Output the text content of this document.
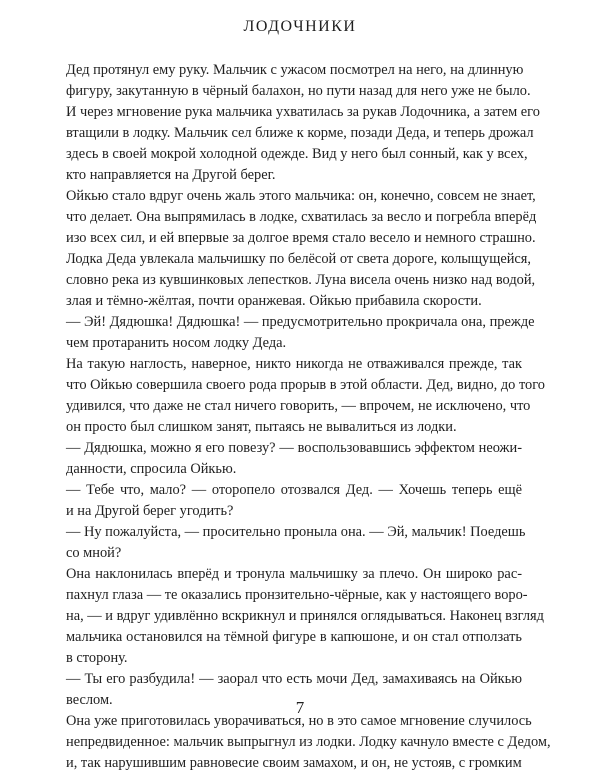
ЛОДОЧНИКИ

Дед протянул ему руку. Мальчик с ужасом посмотрел на него, на длинную
фигуру, закутанную в чёрный балахон, но пути назад для него уже не было.
И через мгновение рука мальчика ухватилась за рукав Лодочника, а затем его
втащили в лодку. Мальчик сел ближе к корме, позади Деда, и теперь дрожал
здесь в своей мокрой холодной одежде. Вид у него был сонный, как у всех,
кто направляется на Другой берег.

Ойкью стало вдруг очень жаль этого мальчика: он, конечно, совсем не знает,
что делает. Она выпрямилась в лодке, схватилась за весло и погребла вперёд
изо всех сил, и ей впервые за долгое время стало весело и немного страшно.
Лодка Деда увлекала мальчишку по белёсой от света дороге, колыщущейся,
словно река из кувшинковых лепестков. Луна висела очень низко над водой,
злая и тёмно-жёлтая, почти оранжевая. Ойкью прибавила скорости.

— Эй! Дядюшка! Дядюшка! — предусмотрительно прокричала она, прежде
чем протаранить носом лодку Деда.

На такую наглость, наверное, никто никогда не отваживался прежде, так
что Ойкью совершила своего рода прорыв в этой области. Дед, видно, до того
удивился, что даже не стал ничего говорить, — впрочем, не исключено, что
он просто был слишком занят, пытаясь не вывалиться из лодки.

— Дядюшка, можно я его повезу? — воспользовавшись эффектом неожи-
данности, спросила Ойкью.

— Тебе что, мало? — оторопело отозвался Дед. — Хочешь теперь ещё
и на Другой берег угодить?

— Ну пожалуйста, — просительно проныла она. — Эй, мальчик! Поедешь
со мной?

Она наклонилась вперёд и тронула мальчишку за плечо. Он широко рас-
пахнул глаза — те оказались пронзительно-чёрные, как у настоящего воро-
на, — и вдруг удивлённо вскрикнул и принялся оглядываться. Наконец взгляд
мальчика остановился на тёмной фигуре в капюшоне, и он стал отползать
в сторону.

— Ты его разбудила! — заорал что есть мочи Дед, замахиваясь на Ойкью
веслом.

Она уже приготовилась уворачиваться, но в это самое мгновение случилось
непредвиденное: мальчик выпрыгнул из лодки. Лодку качнуло вместе с Дедом,
и, так нарушившим равновесие своим замахом, и он, не устояв, с громким

7
